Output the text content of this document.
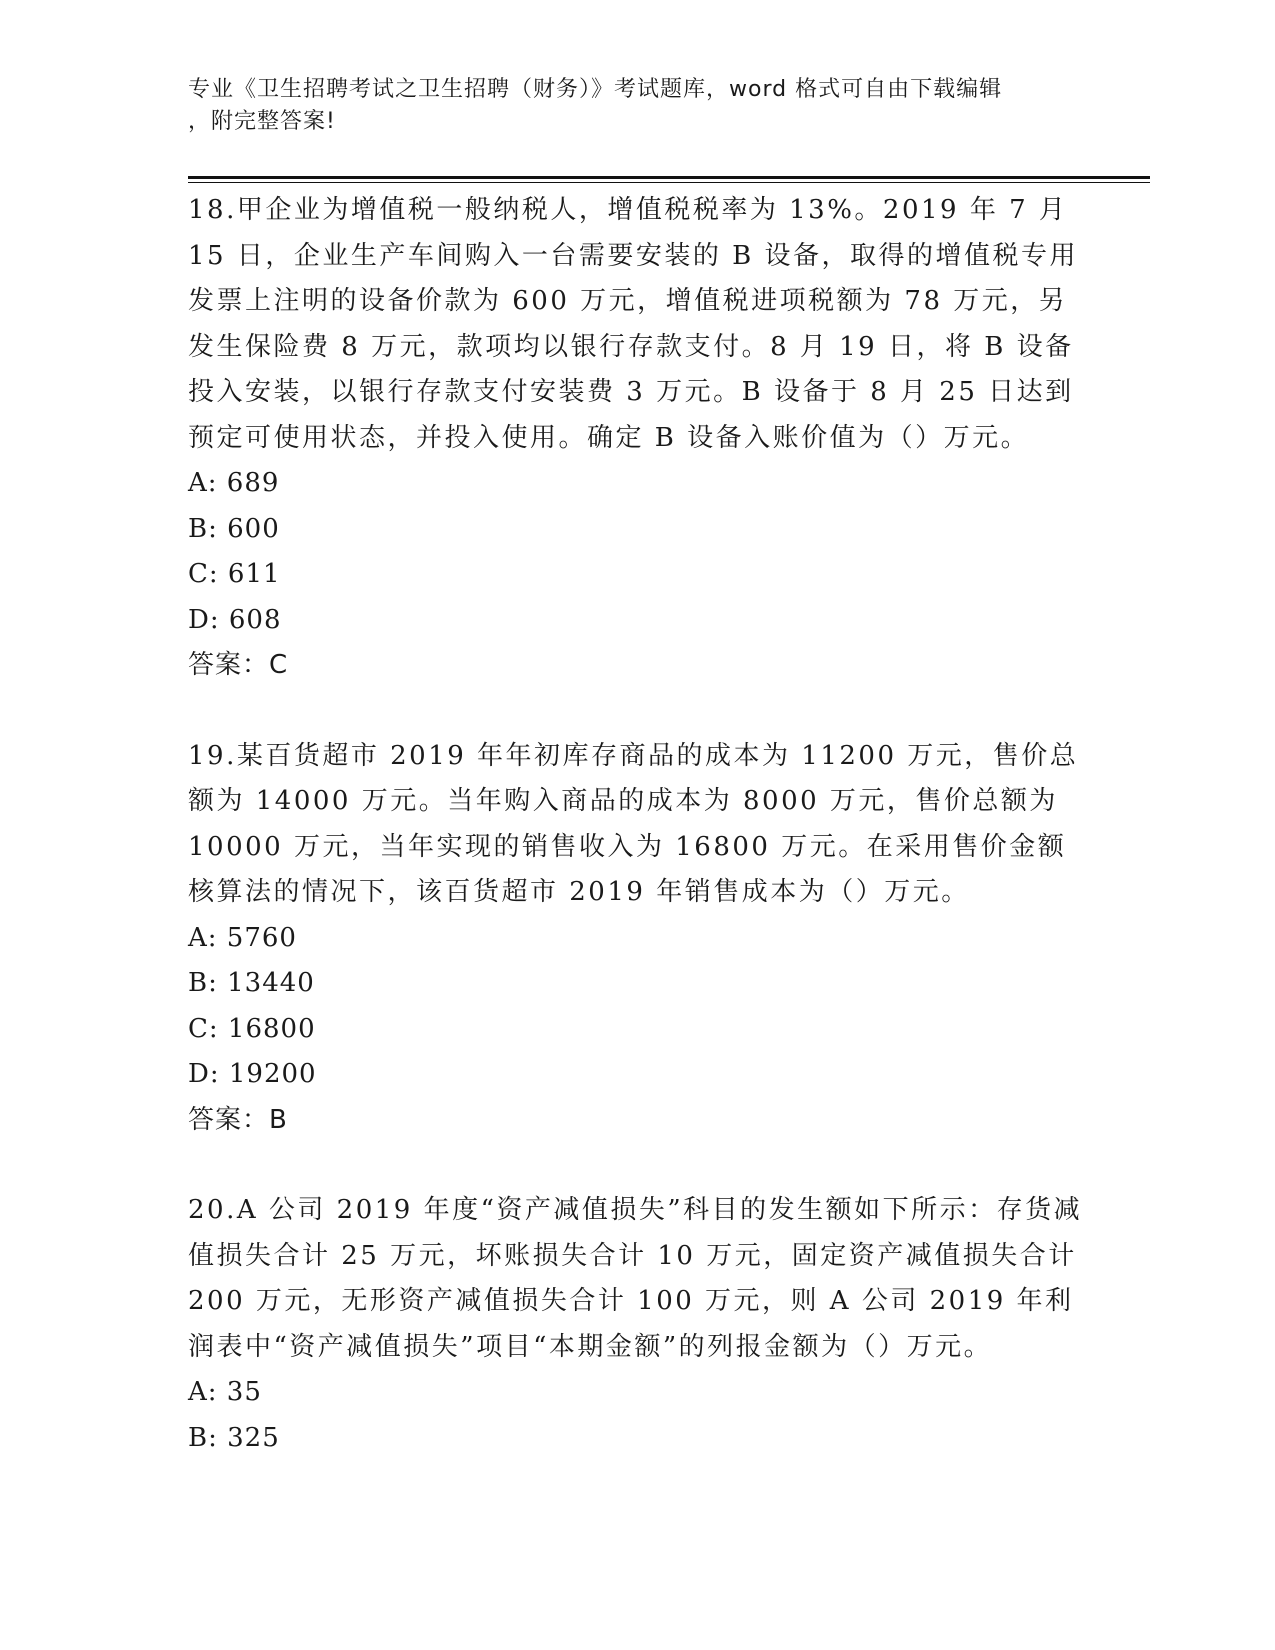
专业《卫生招聘考试之卫生招聘（财务）》考试题库，word 格式可自由下载编辑
，附完整答案!

18.甲企业为增值税一般纳税人，增值税税率为 13%。2019 年 7 月 15 日，企业生产车间购入一台需要安装的 B 设备，取得的增值税专用发票上注明的设备价款为 600 万元，增值税进项税额为 78 万元，另发生保险费 8 万元，款项均以银行存款支付。8 月 19 日，将 B 设备投入安装，以银行存款支付安装费 3 万元。B 设备于 8 月 25 日达到预定可使用状态，并投入使用。确定 B 设备入账价值为（）万元。

A: 689

B: 600

C: 611

D: 608

答案：C

19.某百货超市 2019 年年初库存商品的成本为 11200 万元，售价总额为 14000 万元。当年购入商品的成本为 8000 万元，售价总额为 10000 万元，当年实现的销售收入为 16800 万元。在采用售价金额核算法的情况下，该百货超市 2019 年销售成本为（）万元。

A: 5760

B: 13440

C: 16800

D: 19200

答案：B

20.A 公司 2019 年度“资产减值损失”科目的发生额如下所示：存货减值损失合计 25 万元，坏账损失合计 10 万元，固定资产减值损失合计 200 万元，无形资产减值损失合计 100 万元，则 A 公司 2019 年利润表中“资产减值损失”项目“本期金额”的列报金额为（）万元。

A: 35

B: 325
